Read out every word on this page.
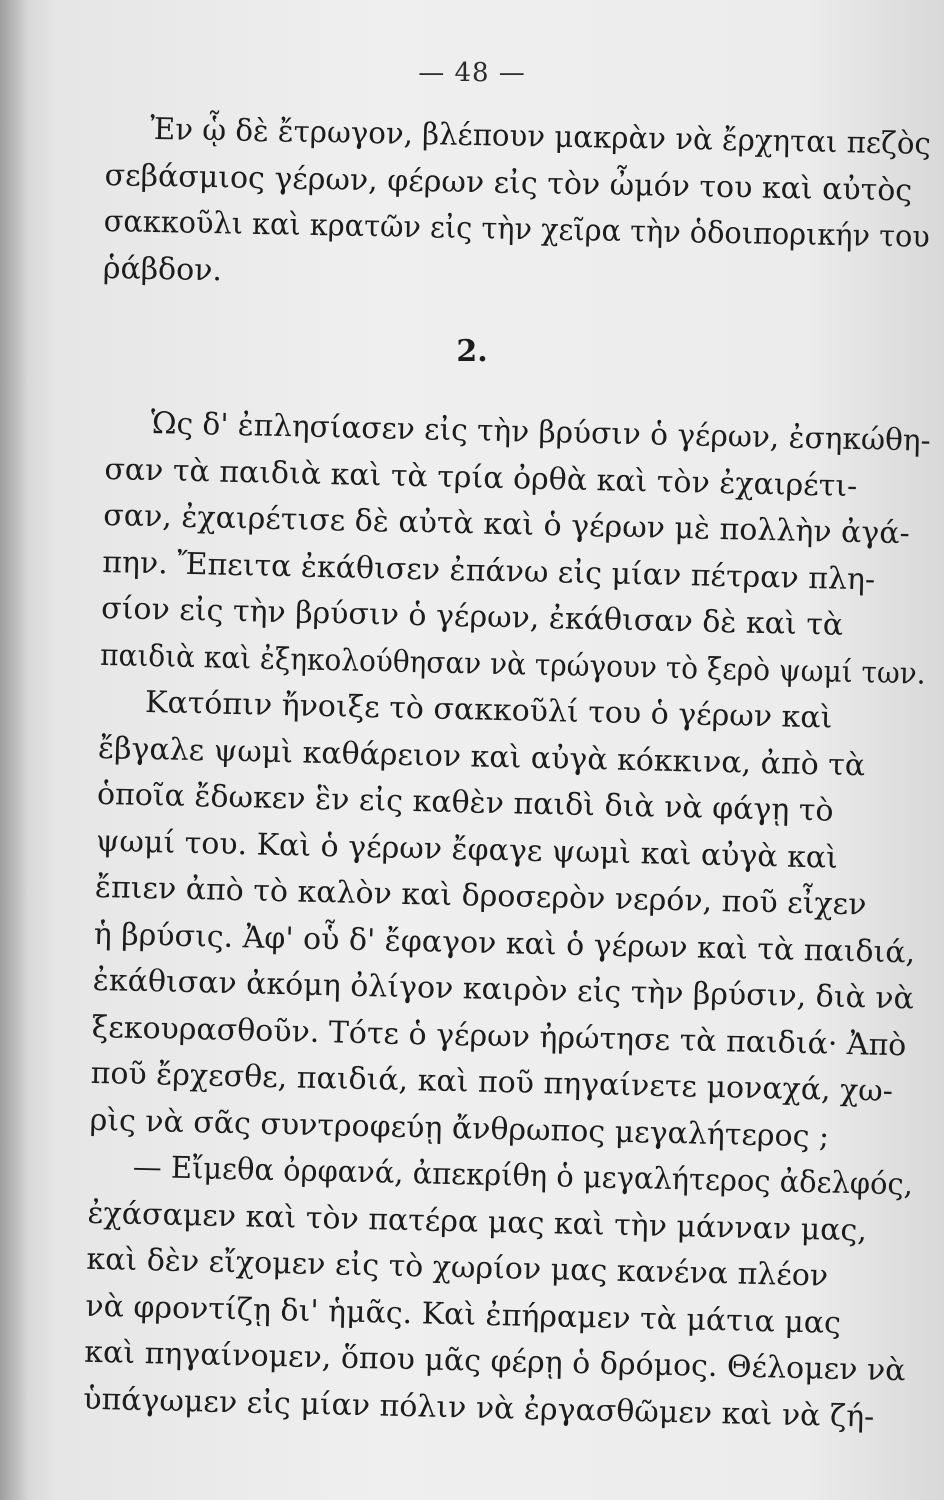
— 48 —
Ἐν ᾧ δὲ ἔτρωγον, βλέπουν μακρὰν νὰ ἔρχηται πεζὸς
σεβάσμιος γέρων, φέρων εἰς τὸν ὦμόν του καὶ αὐτὸς
σακκοῦλι καὶ κρατῶν εἰς τὴν χεῖρα τὴν ὁδοιπορικήν του
ῥάβδον.
2.
Ὡς δ' ἐπλησίασεν εἰς τὴν βρύσιν ὁ γέρων, ἐσηκώθη-
σαν τὰ παιδιὰ καὶ τὰ τρία ὀρθὰ καὶ τὸν ἐχαιρέτι-
σαν, ἐχαιρέτισε δὲ αὐτὰ καὶ ὁ γέρων μὲ πολλὴν ἀγά-
πην. Ἔπειτα ἐκάθισεν ἐπάνω εἰς μίαν πέτραν πλη-
σίον εἰς τὴν βρύσιν ὁ γέρων, ἐκάθισαν δὲ καὶ τὰ
παιδιὰ καὶ ἐξηκολούθησαν νὰ τρώγουν τὸ ξερὸ ψωμί των.
Κατόπιν ἤνοιξε τὸ σακκοῦλί του ὁ γέρων καὶ
ἔβγαλε ψωμὶ καθάρειον καὶ αὐγὰ κόκκινα, ἀπὸ τὰ
ὁποῖα ἔδωκεν ἓν εἰς καθὲν παιδὶ διὰ νὰ φάγῃ τὸ
ψωμί του. Καὶ ὁ γέρων ἔφαγε ψωμὶ καὶ αὐγὰ καὶ
ἔπιεν ἀπὸ τὸ καλὸν καὶ δροσερὸν νερόν, ποῦ εἶχεν
ἡ βρύσις. Ἀφ' οὗ δ' ἔφαγον καὶ ὁ γέρων καὶ τὰ παιδιά,
ἐκάθισαν ἀκόμη ὀλίγον καιρὸν εἰς τὴν βρύσιν, διὰ νὰ
ξεκουρασθοῦν. Τότε ὁ γέρων ἠρώτησε τὰ παιδιά· Ἀπὸ
ποῦ ἔρχεσθε, παιδιά, καὶ ποῦ πηγαίνετε μοναχά, χω-
ρὶς νὰ σᾶς συντροφεύῃ ἄνθρωπος μεγαλήτερος ;
— Εἴμεθα ὀρφανά, ἀπεκρίθη ὁ μεγαλήτερος ἀδελφός,
ἐχάσαμεν καὶ τὸν πατέρα μας καὶ τὴν μάνναν μας,
καὶ δὲν εἴχομεν εἰς τὸ χωρίον μας κανένα πλέον
νὰ φροντίζῃ δι' ἡμᾶς. Καὶ ἐπήραμεν τὰ μάτια μας
καὶ πηγαίνομεν, ὅπου μᾶς φέρῃ ὁ δρόμος. Θέλομεν νὰ
ὑπάγωμεν εἰς μίαν πόλιν νὰ ἐργασθῶμεν καὶ νὰ ζή-
